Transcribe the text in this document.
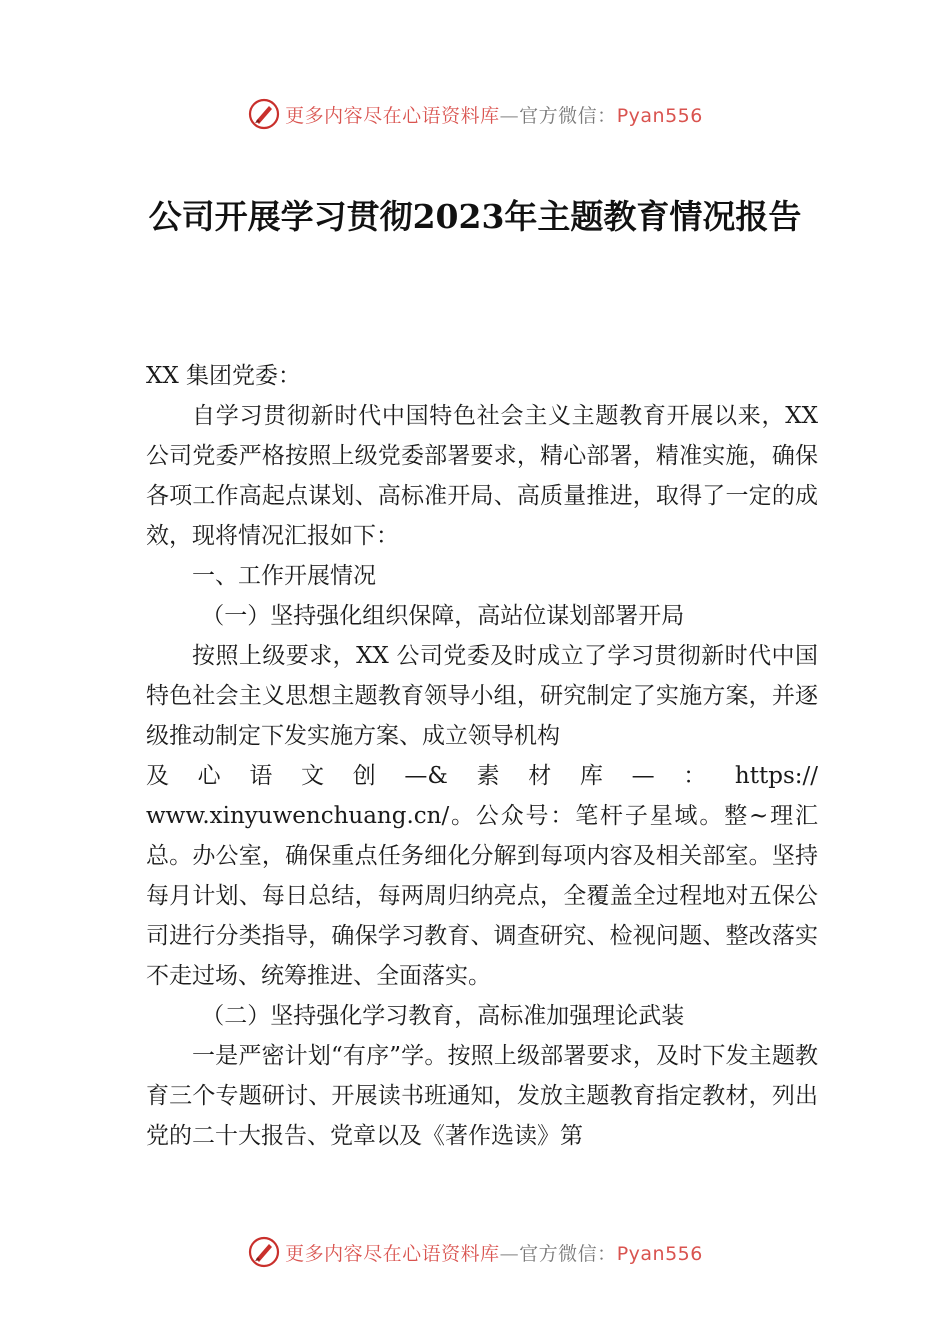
更多内容尽在心语资料库—官方微信：Pyan556
公司开展学习贯彻2023年主题教育情况报告

XX 集团党委：

自学习贯彻新时代中国特色社会主义主题教育开展以来，XX 公司党委严格按照上级党委部署要求，精心部署，精准实施，确保各项工作高起点谋划、高标准开局、高质量推进，取得了一定的成效，现将情况汇报如下：

一、工作开展情况

（一）坚持强化组织保障，高站位谋划部署开局

按照上级要求，XX 公司党委及时成立了学习贯彻新时代中国特色社会主义思想主题教育领导小组，研究制定了实施方案，并逐级推动制定下发实施方案、成立领导机构

及心语文创—&素材库—：https://

www.xinyuwenchuang.cn/。公众号：笔杆子星域。整~理汇总。办公室，确保重点任务细化分解到每项内容及相关部室。坚持每月计划、每日总结，每两周归纳亮点，全覆盖全过程地对五保公司进行分类指导，确保学习教育、调查研究、检视问题、整改落实不走过场、统筹推进、全面落实。

（二）坚持强化学习教育，高标准加强理论武装

一是严密计划“有序”学。按照上级部署要求，及时下发主题教育三个专题研讨、开展读书班通知，发放主题教育指定教材，列出党的二十大报告、党章以及《著作选读》第

更多内容尽在心语资料库—官方微信：Pyan556
